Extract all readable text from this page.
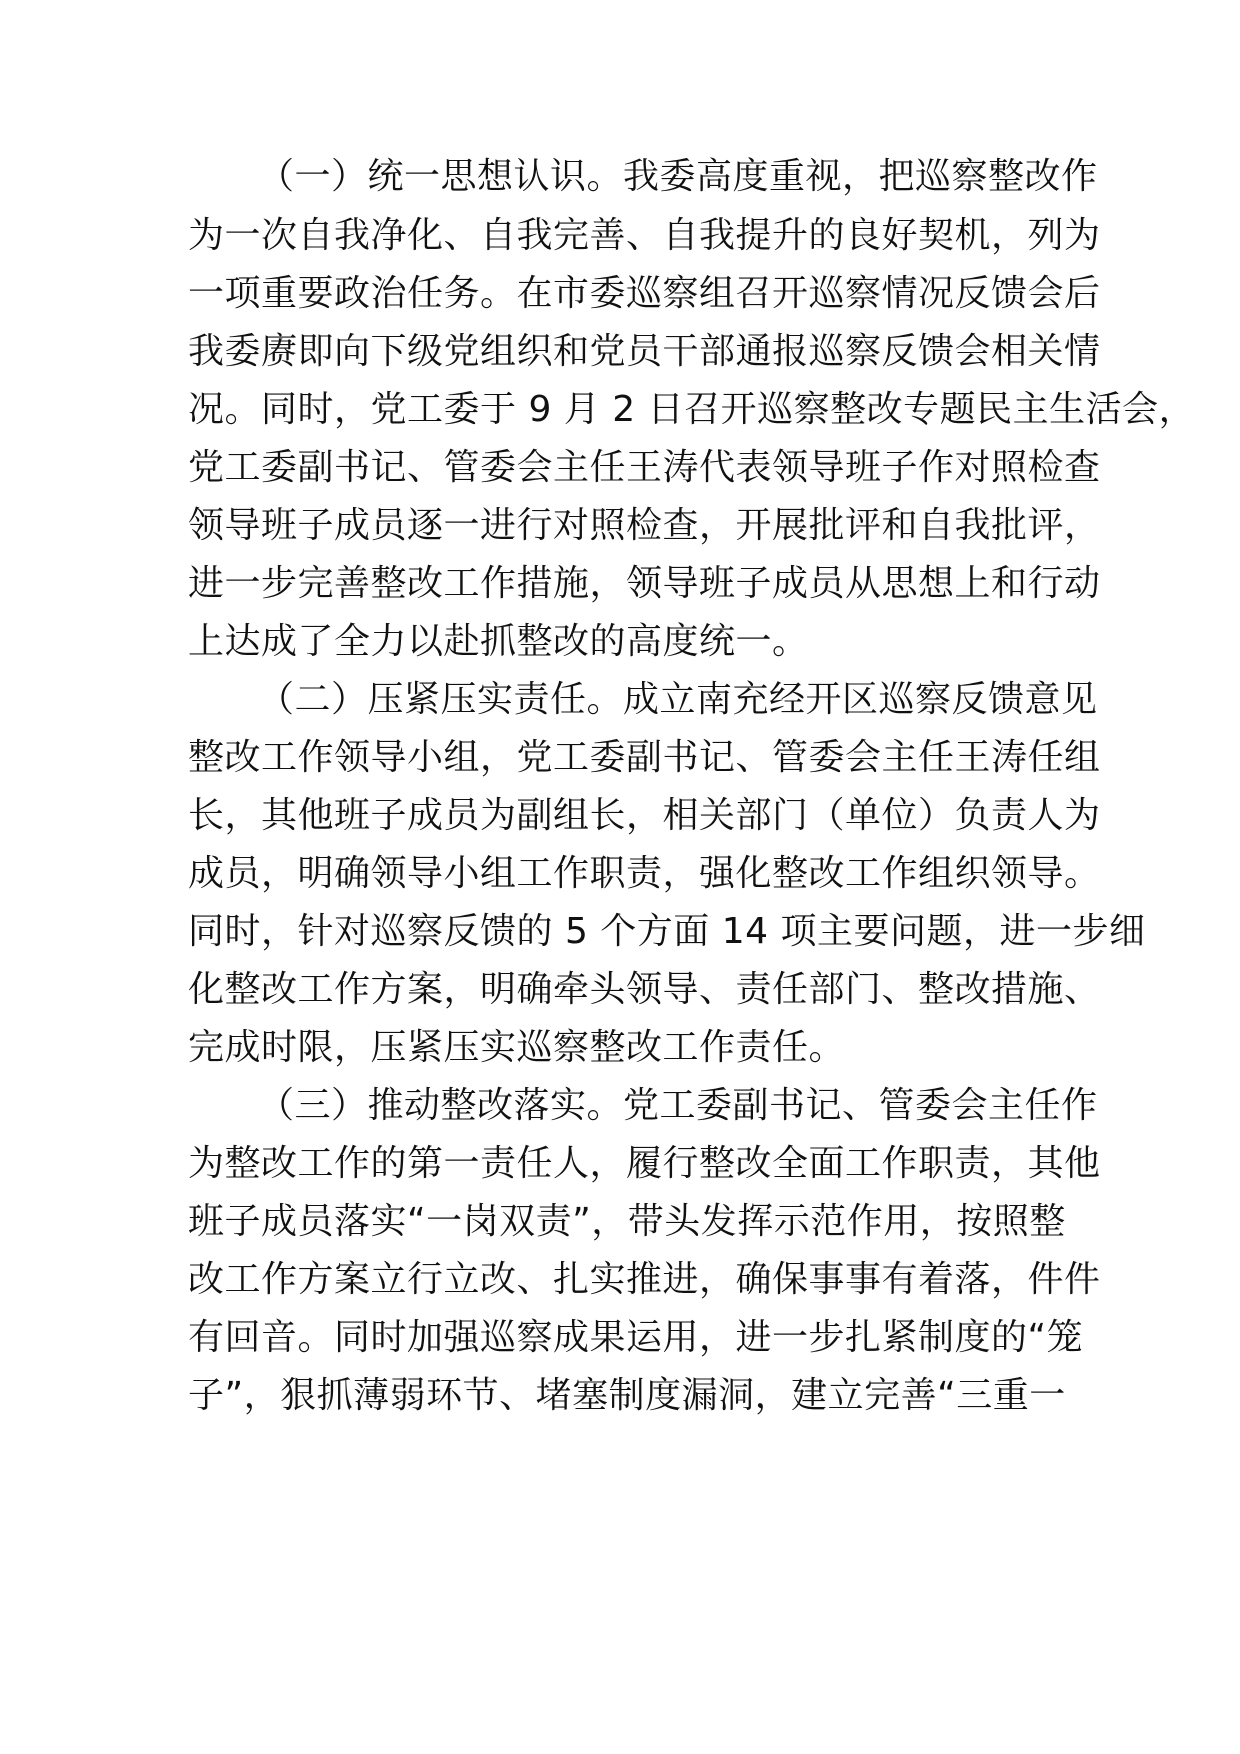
（一）统一思想认识。我委高度重视，把巡察整改作
为一次自我净化、自我完善、自我提升的良好契机，列为
一项重要政治任务。在市委巡察组召开巡察情况反馈会后
我委赓即向下级党组织和党员干部通报巡察反馈会相关情
况。同时，党工委于 9 月 2 日召开巡察整改专题民主生活会，
党工委副书记、管委会主任王涛代表领导班子作对照检查
领导班子成员逐一进行对照检查，开展批评和自我批评，
进一步完善整改工作措施，领导班子成员从思想上和行动
上达成了全力以赴抓整改的高度统一。
（二）压紧压实责任。成立南充经开区巡察反馈意见
整改工作领导小组，党工委副书记、管委会主任王涛任组
长，其他班子成员为副组长，相关部门（单位）负责人为
成员，明确领导小组工作职责，强化整改工作组织领导。
同时，针对巡察反馈的 5 个方面 14 项主要问题，进一步细
化整改工作方案，明确牵头领导、责任部门、整改措施、
完成时限，压紧压实巡察整改工作责任。
（三）推动整改落实。党工委副书记、管委会主任作
为整改工作的第一责任人，履行整改全面工作职责，其他
班子成员落实“一岗双责”，带头发挥示范作用，按照整
改工作方案立行立改、扎实推进，确保事事有着落，件件
有回音。同时加强巡察成果运用，进一步扎紧制度的“笼
子”，狠抓薄弱环节、堵塞制度漏洞，建立完善“三重一
